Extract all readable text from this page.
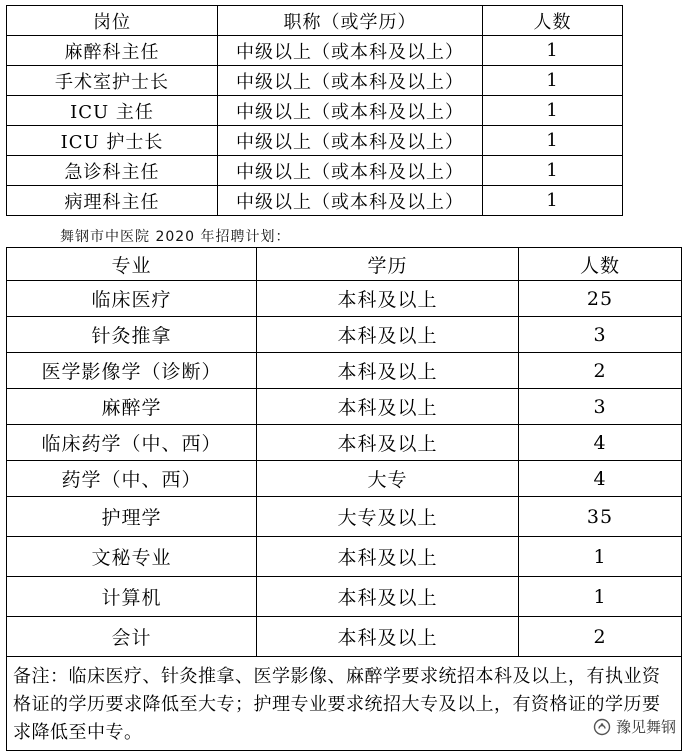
岗位	职称（或学历）	人数
麻醉科主任	中级以上（或本科及以上）	1
手术室护士长	中级以上（或本科及以上）	1
ICU 主任	中级以上（或本科及以上）	1
ICU 护士长	中级以上（或本科及以上）	1
急诊科主任	中级以上（或本科及以上）	1
病理科主任	中级以上（或本科及以上）	1
舞钢市中医院 2020 年招聘计划：
专业	学历	人数
临床医疗	本科及以上	25
针灸推拿	本科及以上	3
医学影像学（诊断）	本科及以上	2
麻醉学	本科及以上	3
临床药学（中、西）	本科及以上	4
药学（中、西）	大专	4
护理学	大专及以上	35
文秘专业	本科及以上	1
计算机	本科及以上	1
会计	本科及以上	2
备注：临床医疗、针灸推拿、医学影像、麻醉学要求统招本科及以上，有执业资格证的学历要求降低至大专；护理专业要求统招大专及以上，有资格证的学历要求降低至中专。			豫见舞钢
